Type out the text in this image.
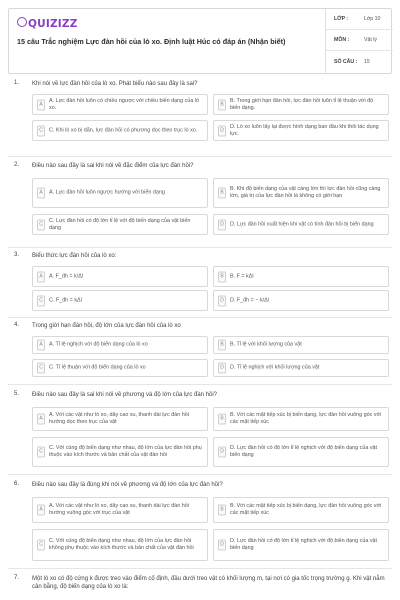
QUIZIZZ
15 câu Trắc nghiệm Lực đàn hồi của lò xo. Định luật Húc có đáp án (Nhận biết)
LỚP :	Lớp 10
MÔN :	Vật lý
SỐ CÂU :	15
1. Khi nói về lực đàn hồi của lò xo. Phát biểu nào sau đây là sai?
A
A. Lực đàn hồi luôn có chiều ngược với chiều biến dạng của lò xo.
B
B. Trong giới hạn đàn hồi, lực đàn hồi luôn tỉ lệ thuận với độ biến dạng.
C	C. Khi lò xo bị dãn, lực đàn hồi có phương dọc theo trục lò xo.	D
D. Lò xo luôn lấy lại được hình dạng ban đầu khi thôi tác dụng lực.
2. Điều nào sau đây là sai khi nói về đặc điểm của lực đàn hồi?
A	A. Lực đàn hồi luôn ngược hướng với biến dạng	B
B. Khi độ biến dạng của vật càng lớn thì lực đàn hồi cũng càng lớn, giá trị của lực đàn hồi là không có giới hạn
C
C. Lực đàn hồi có độ lớn tỉ lệ với độ biến dạng của vật biến dạng
D	D. Lực đàn hồi xuất hiện khi vật có tính đàn hồi bị biến dạng
3. Biểu thức lực đàn hồi của lò xo:
A	A. F_đh = k/Δl	B	B. F = kΔl
C	C. F_đh = kΔl	D	D. F_đh = − k/Δl
4. Trong giới hạn đàn hồi, độ lớn của lực đàn hồi của lò xo
A	A. Tỉ lệ nghịch với độ biến dạng của lò xo	B	B. Tỉ lệ với khối lượng của vật
C	C. Tỉ lệ thuận với độ biến dạng của lò xo	D	D. Tỉ lệ nghịch với khối lượng của vật
5. Điều nào sau đây là sai khi nói về phương và độ lớn của lực đàn hồi?
A
A. Với các vật như lò xo, dây cao su, thanh dài lực đàn hồi hướng dọc theo trục của vật
B
B. Với các mặt tiếp xúc bị biến dạng, lực đàn hồi vuông góc với các mặt tiếp xúc
C
C. Với cùng độ biến dạng như nhau, độ lớn của lực đàn hồi phụ thuộc vào kích thước và bản chất của vật đàn hồi
D
D. Lực đàn hồi có độ lớn tỉ lệ nghịch với độ biến dạng của vật biến dạng
6. Điều nào sau đây là đúng khi nói về phương và độ lớn của lực đàn hồi?
A
A. Với các vật như lò xo, dây cao su, thanh dài lực đàn hồi hướng vuông góc với trục của vật
B
B. Với các mặt tiếp xúc bị biến dạng, lực đàn hồi vuông góc với các mặt tiếp xúc
C
C. Với cùng độ biến dạng như nhau, độ lớn của lực đàn hồi không phụ thuộc vào kích thước và bản chất của vật đàn hồi
D
D. Lực đàn hồi có độ lớn tỉ lệ nghịch với độ biến dạng của vật biến dạng
7. Một lò xo có độ cứng k được treo vào điểm cố định, đầu dưới treo vật có khối lượng m, tại nơi có gia tốc trọng trường g. Khi vật nằm cân bằng, độ biến dạng của lò xo là:
